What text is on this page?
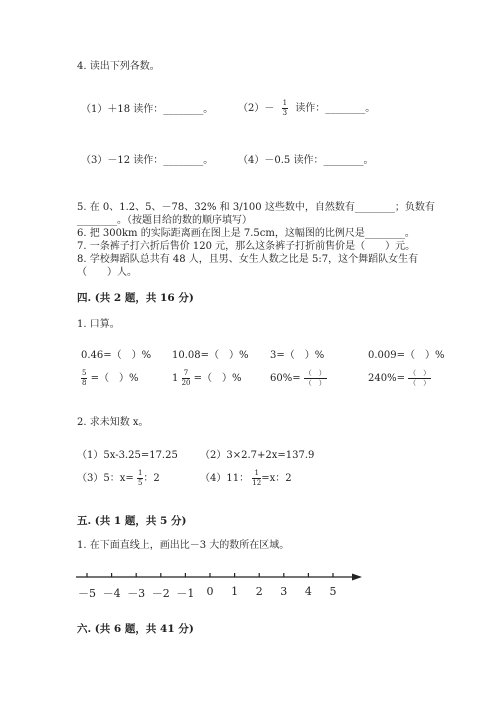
4. 读出下列各数。
（1）＋18 读作：________。 $(2)- \frac{1}{3}$ 读作：________。
（3）－12 读作：________。 （4）－0.5 读作：________。
5. 在 0、1.2、5、－78、32% 和 3/100 这些数中，自然数有________；负数有
________。（按题目给的数的顺序填写）
6. 把 300km 的实际距离画在图上是 7.5cm，这幅图的比例尺是________。
7. 一条裤子打六折后售价 120 元，那么这条裤子打折前售价是（　　）元。
8. 学校舞蹈队总共有 48 人，且男、女生人数之比是 5:7，这个舞蹈队女生有
（　　）人。
四. (共 2 题，共 16 分)
1. 口算。
0.46=（　）% 10.08=（　）% 3=（　）%	0.009=（　）%
$\frac{5}{8}$ =（　）%	$1 \frac{7}{20}$ =（　）%	$60\%= \frac{( )}{( )}$	$240\%= \frac{( )}{( )}$
2. 求未知数 x。
（1）5x-3.25=17.25 （2）3×2.7+2x=137.9
（3）5：$x= \frac{1}{5}$ ：2	（4）11： $\frac{1}{12} =x$：2
五. (共 1 题，共 5 分)
1. 在下面直线上，画出比－3 大的数所在区域。
－5 －4 －3 －2 －1 0 1 2 3 4 5
六. (共 6 题，共 41 分)
